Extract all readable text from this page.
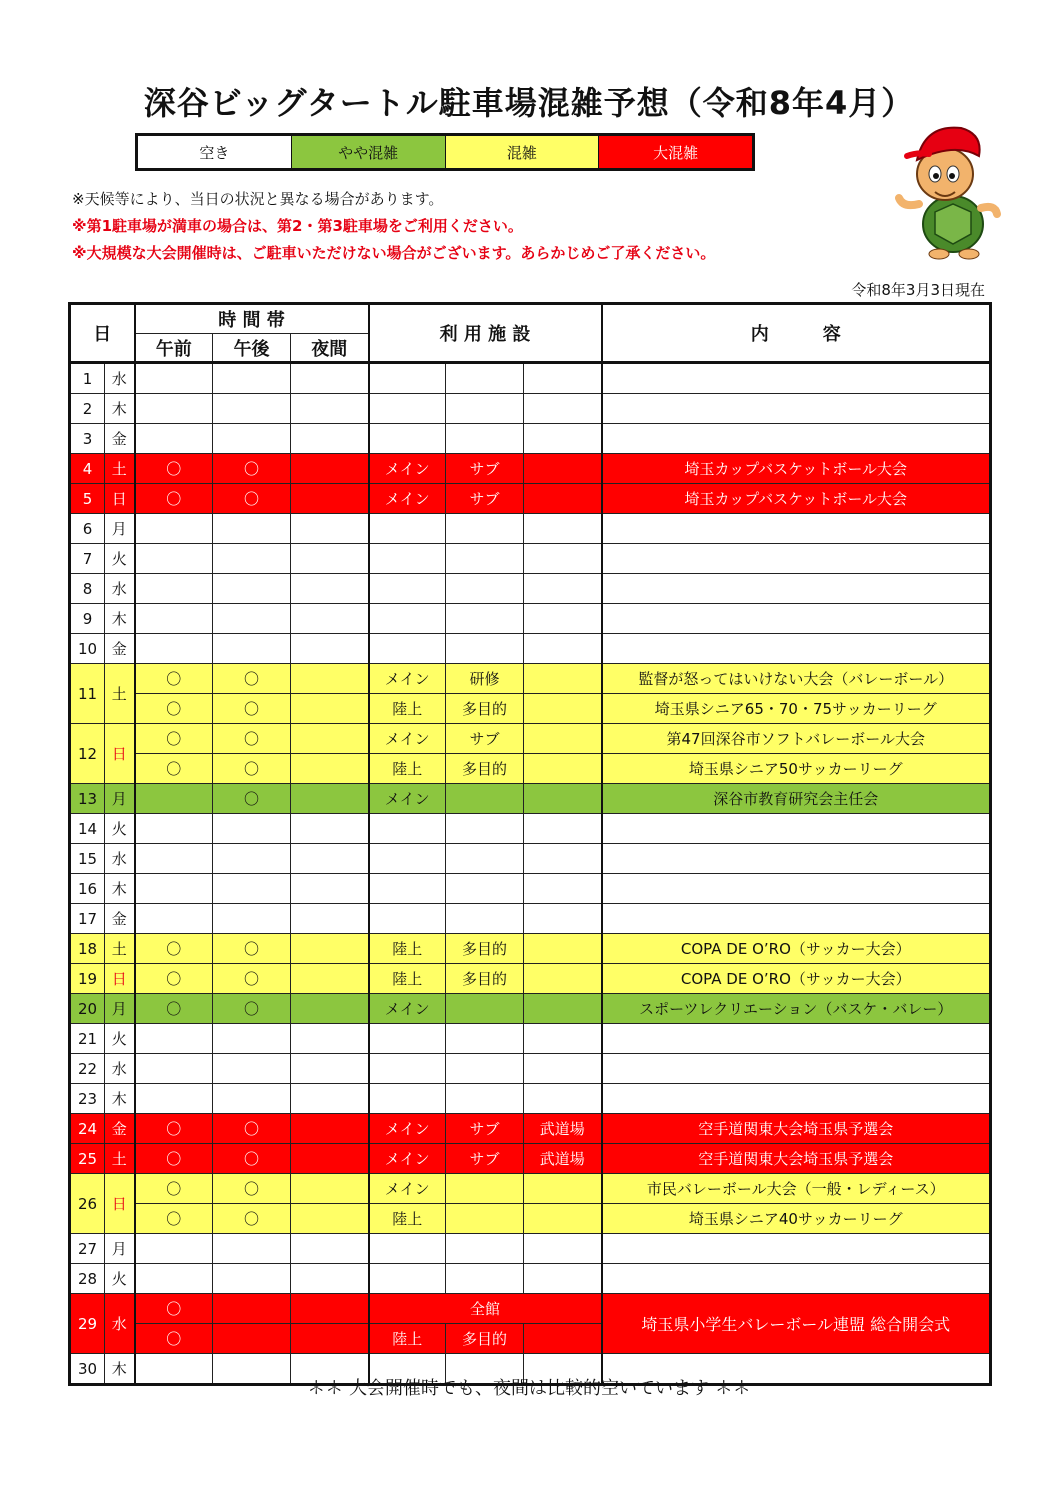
深谷ビッグタートル駐車場混雑予想（令和8年4月）
空き	やや混雑	混雑	大混雑
※天候等により、当日の状況と異なる場合があります。
※第1駐車場が満車の場合は、第2・第3駐車場をご利用ください。
※大規模な大会開催時は、ご駐車いただけない場合がございます。あらかじめご了承ください。
令和8年3月3日現在
日		時 間 帯			利 用 施 設			内　　　容
		午前	午後	夜間				
1	水							
2	木							
3	金							
4	土	〇	〇		メイン	サブ		埼玉カップバスケットボール大会
5	日	〇	〇		メイン	サブ		埼玉カップバスケットボール大会
6	月							
7	火							
8	水							
9	木							
10	金							
11	土	〇	〇		メイン	研修		監督が怒ってはいけない大会（バレーボール）
		〇	〇		陸上	多目的		埼玉県シニア65・70・75サッカーリーグ
12	日	〇	〇		メイン	サブ		第47回深谷市ソフトバレーボール大会
		〇	〇		陸上	多目的		埼玉県シニア50サッカーリーグ
13	月		〇		メイン			深谷市教育研究会主任会
14	火							
15	水							
16	木							
17	金							
18	土	〇	〇		陸上	多目的		COPA DE O’RO（サッカー大会）
19	日	〇	〇		陸上	多目的		COPA DE O’RO（サッカー大会）
20	月	〇	〇		メイン			スポーツレクリエーション（バスケ・バレー）
21	火							
22	水							
23	木							
24	金	〇	〇		メイン	サブ	武道場	空手道関東大会埼玉県予選会
25	土	〇	〇		メイン	サブ	武道場	空手道関東大会埼玉県予選会
26	日	〇	〇		メイン			市民バレーボール大会（一般・レディース）
		〇	〇		陸上			埼玉県シニア40サッカーリーグ
27	月							
28	火							
29	水	〇			全館			埼玉県小学生バレーボール連盟 総合開会式
		〇			陸上	多目的		
30	木							
＊＊ 大会開催時でも、夜間は比較的空いています ＊＊
